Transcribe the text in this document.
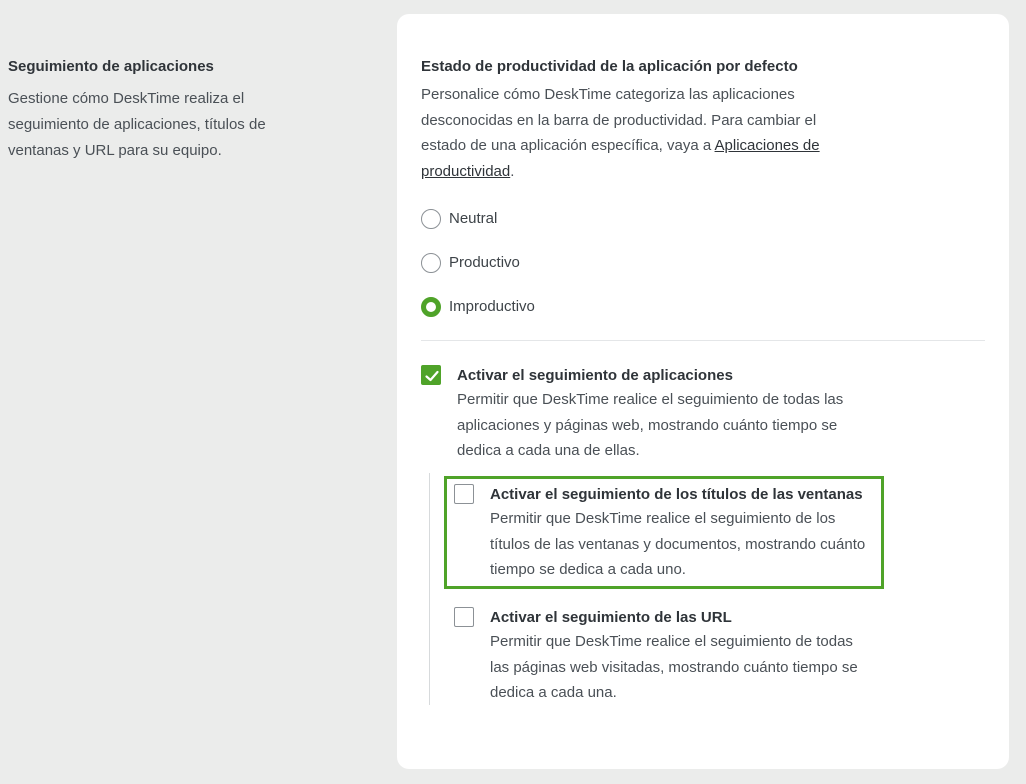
Seguimiento de aplicaciones

Gestione cómo DeskTime realiza el seguimiento de aplicaciones, títulos de ventanas y URL para su equipo.

Estado de productividad de la aplicación por defecto

Personalice cómo DeskTime categoriza las aplicaciones desconocidas en la barra de productividad. Para cambiar el estado de una aplicación específica, vaya a Aplicaciones de productividad.

Neutral
Productivo
Improductivo

Activar el seguimiento de aplicaciones

Permitir que DeskTime realice el seguimiento de todas las aplicaciones y páginas web, mostrando cuánto tiempo se dedica a cada una de ellas.

Activar el seguimiento de los títulos de las ventanas

Permitir que DeskTime realice el seguimiento de los títulos de las ventanas y documentos, mostrando cuánto tiempo se dedica a cada uno.

Activar el seguimiento de las URL

Permitir que DeskTime realice el seguimiento de todas las páginas web visitadas, mostrando cuánto tiempo se dedica a cada una.
